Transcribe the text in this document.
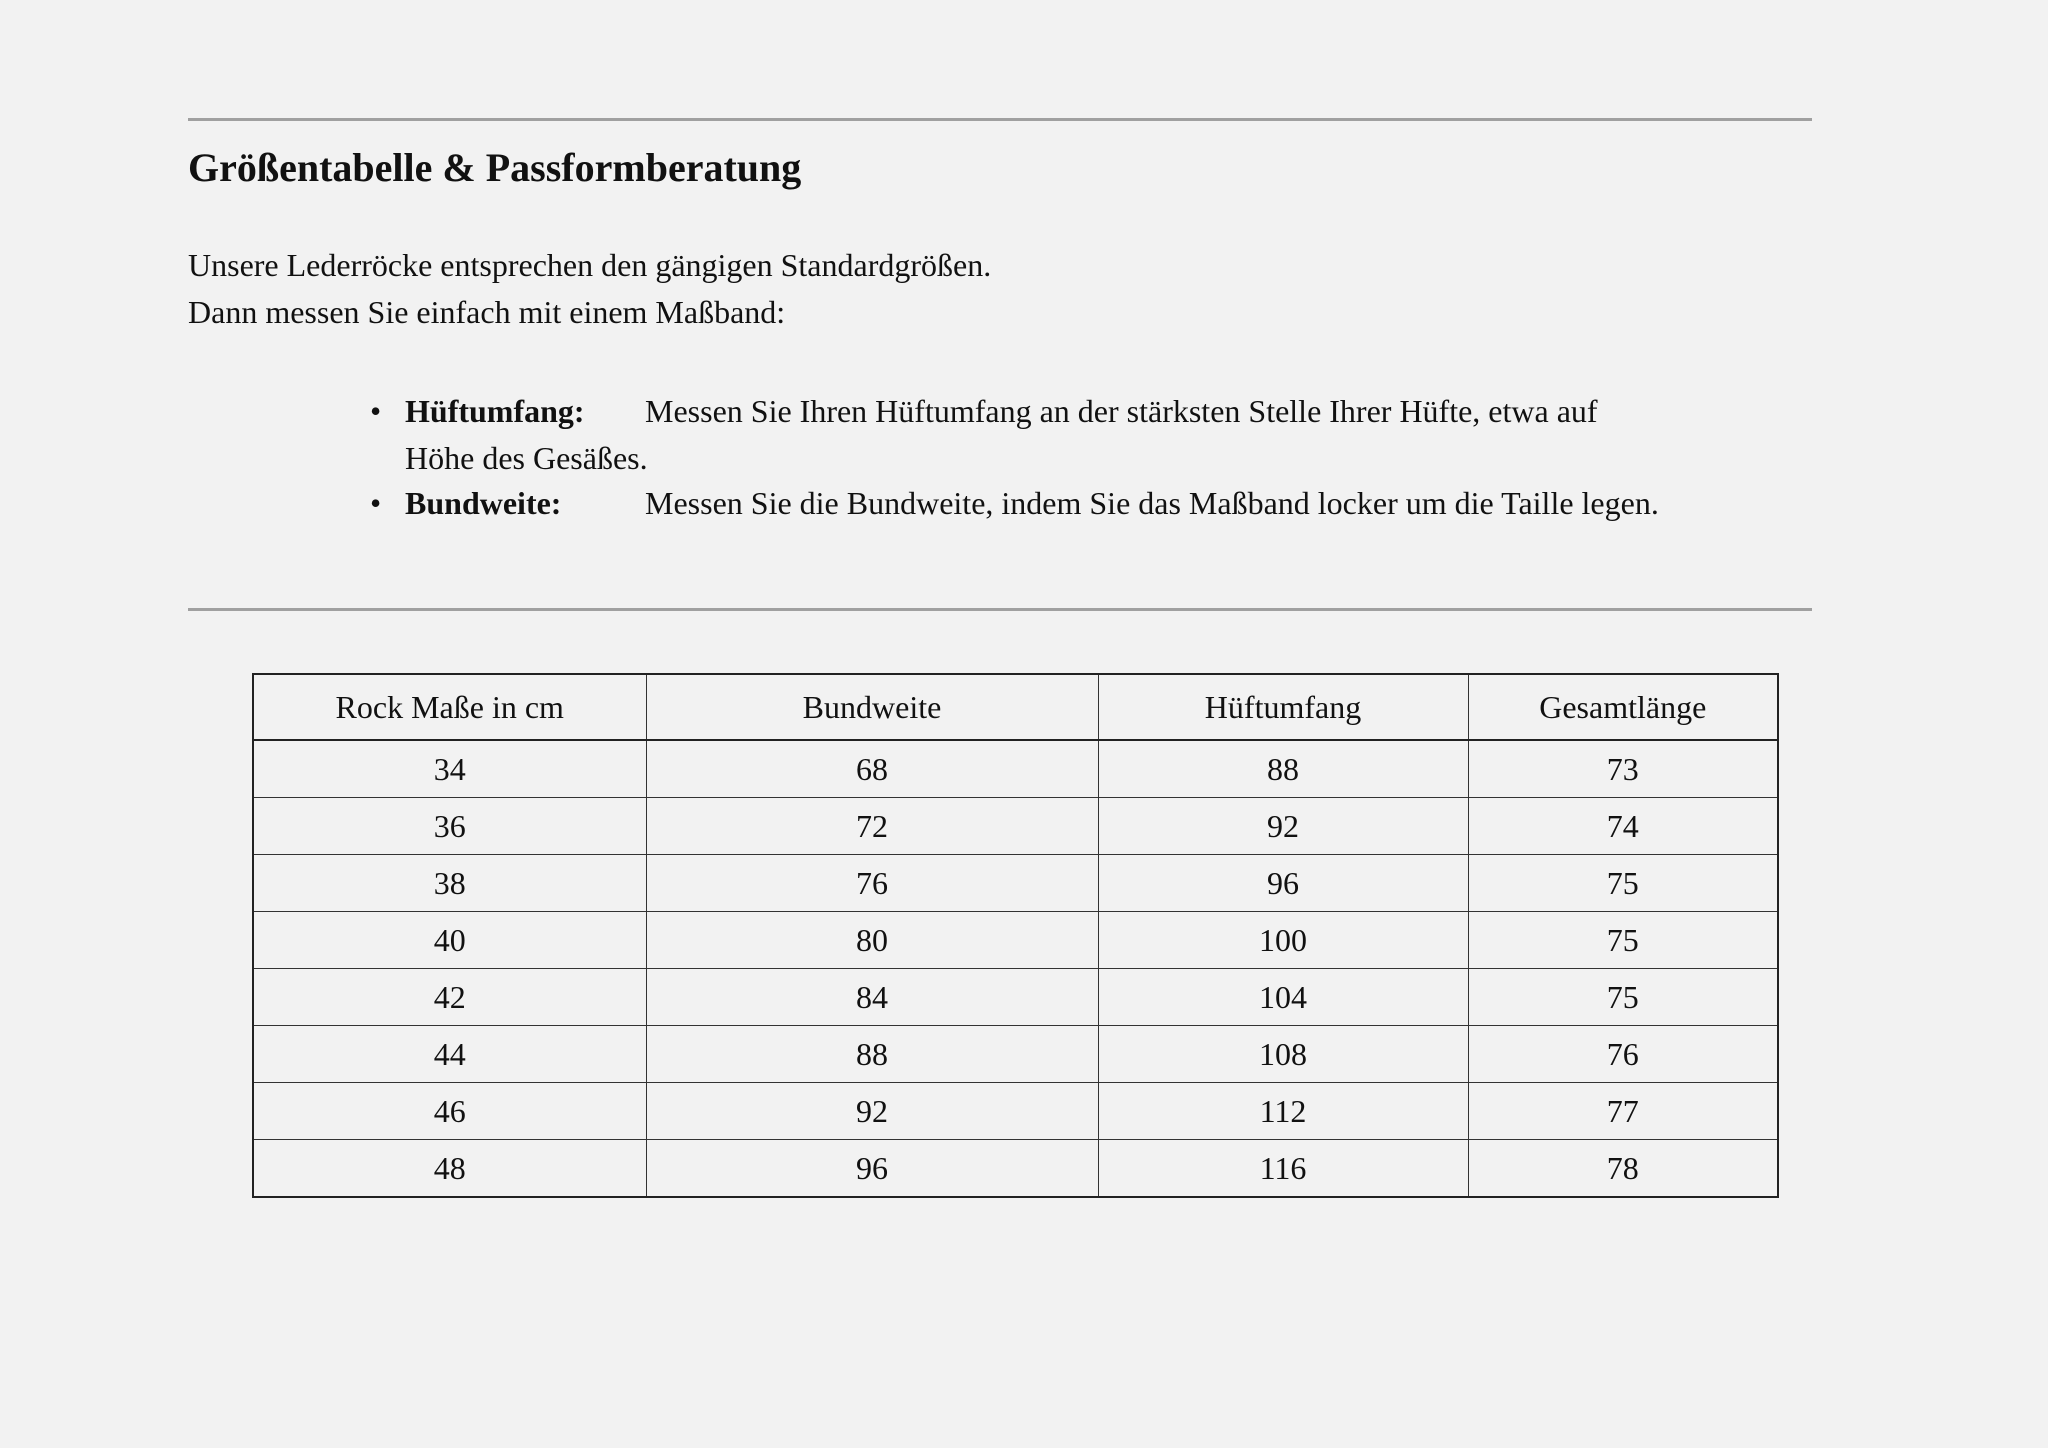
Größentabelle & Passformberatung

Unsere Lederröcke entsprechen den gängigen Standardgrößen.
Dann messen Sie einfach mit einem Maßband:

• Hüftumfang: Messen Sie Ihren Hüftumfang an der stärksten Stelle Ihrer Hüfte, etwa auf Höhe des Gesäßes.
• Bundweite:	Messen Sie die Bundweite, indem Sie das Maßband locker um die Taille legen.
Rock Maße in cm	Bundweite	Hüftumfang	Gesamtlänge
34	68	88	73
36	72	92	74
38	76	96	75
40	80	100	75
42	84	104	75
44	88	108	76
46	92	112	77
48	96	116	78
